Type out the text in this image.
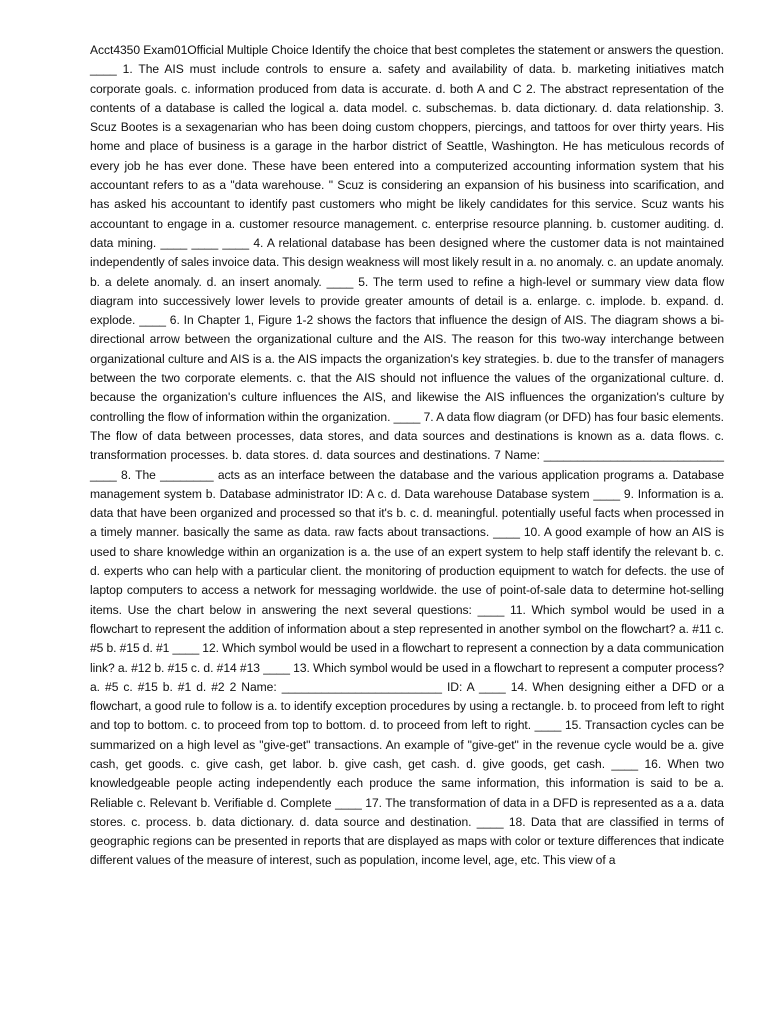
Acct4350 Exam01Official Multiple Choice Identify the choice that best completes the statement or answers the question. ____ 1. The AIS must include controls to ensure a. safety and availability of data. b. marketing initiatives match corporate goals. c. information produced from data is accurate. d. both A and C 2. The abstract representation of the contents of a database is called the logical a. data model. c. subschemas. b. data dictionary. d. data relationship. 3. Scuz Bootes is a sexagenarian who has been doing custom choppers, piercings, and tattoos for over thirty years. His home and place of business is a garage in the harbor district of Seattle, Washington. He has meticulous records of every job he has ever done. These have been entered into a computerized accounting information system that his accountant refers to as a "data warehouse. " Scuz is considering an expansion of his business into scarification, and has asked his accountant to identify past customers who might be likely candidates for this service. Scuz wants his accountant to engage in a. customer resource management. c. enterprise resource planning. b. customer auditing. d. data mining. ____ ____ ____ 4. A relational database has been designed where the customer data is not maintained independently of sales invoice data. This design weakness will most likely result in a. no anomaly. c. an update anomaly. b. a delete anomaly. d. an insert anomaly. ____ 5. The term used to refine a high-level or summary view data flow diagram into successively lower levels to provide greater amounts of detail is a. enlarge. c. implode. b. expand. d. explode. ____ 6. In Chapter 1, Figure 1-2 shows the factors that influence the design of AIS. The diagram shows a bi-directional arrow between the organizational culture and the AIS. The reason for this two-way interchange between organizational culture and AIS is a. the AIS impacts the organization's key strategies. b. due to the transfer of managers between the two corporate elements. c. that the AIS should not influence the values of the organizational culture. d. because the organization's culture influences the AIS, and likewise the AIS influences the organization's culture by controlling the flow of information within the organization. ____ 7. A data flow diagram (or DFD) has four basic elements. The flow of data between processes, data stores, and data sources and destinations is known as a. data flows. c. transformation processes. b. data stores. d. data sources and destinations. 7 Name: ___________________________ ____ 8. The ________ acts as an interface between the database and the various application programs a. Database management system b. Database administrator ID: A c. d. Data warehouse Database system ____ 9. Information is a. data that have been organized and processed so that it's b. c. d. meaningful. potentially useful facts when processed in a timely manner. basically the same as data. raw facts about transactions. ____ 10. A good example of how an AIS is used to share knowledge within an organization is a. the use of an expert system to help staff identify the relevant b. c. d. experts who can help with a particular client. the monitoring of production equipment to watch for defects. the use of laptop computers to access a network for messaging worldwide. the use of point-of-sale data to determine hot-selling items. Use the chart below in answering the next several questions: ____ 11. Which symbol would be used in a flowchart to represent the addition of information about a step represented in another symbol on the flowchart? a. #11 c. #5 b. #15 d. #1 ____ 12. Which symbol would be used in a flowchart to represent a connection by a data communication link? a. #12 b. #15 c. d. #14 #13 ____ 13. Which symbol would be used in a flowchart to represent a computer process? a. #5 c. #15 b. #1 d. #2 2 Name: ________________________ ID: A ____ 14. When designing either a DFD or a flowchart, a good rule to follow is a. to identify exception procedures by using a rectangle. b. to proceed from left to right and top to bottom. c. to proceed from top to bottom. d. to proceed from left to right. ____ 15. Transaction cycles can be summarized on a high level as "give-get" transactions. An example of "give-get" in the revenue cycle would be a. give cash, get goods. c. give cash, get labor. b. give cash, get cash. d. give goods, get cash. ____ 16. When two knowledgeable people acting independently each produce the same information, this information is said to be a. Reliable c. Relevant b. Verifiable d. Complete ____ 17. The transformation of data in a DFD is represented as a a. data stores. c. process. b. data dictionary. d. data source and destination. ____ 18. Data that are classified in terms of geographic regions can be presented in reports that are displayed as maps with color or texture differences that indicate different values of the measure of interest, such as population, income level, age, etc. This view of a
